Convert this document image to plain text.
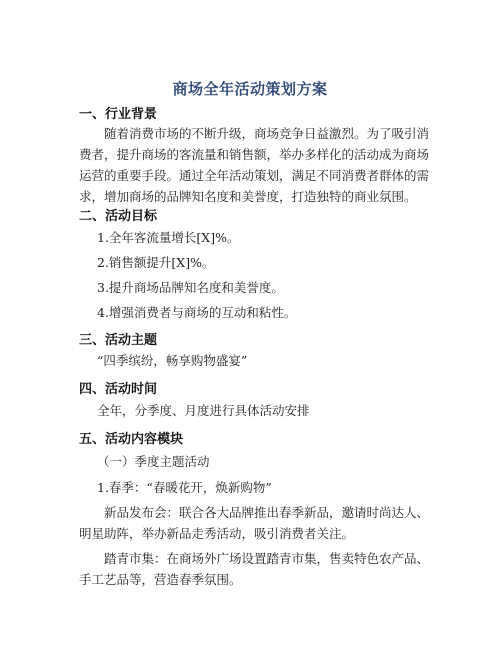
商场全年活动策划方案
一、行业背景
随着消费市场的不断升级，商场竞争日益激烈。为了吸引消费者，提升商场的客流量和销售额，举办多样化的活动成为商场运营的重要手段。通过全年活动策划，满足不同消费者群体的需求，增加商场的品牌知名度和美誉度，打造独特的商业氛围。
二、活动目标
1.全年客流量增长[X]%。
2.销售额提升[X]%。
3.提升商场品牌知名度和美誉度。
4.增强消费者与商场的互动和粘性。
三、活动主题
“四季缤纷，畅享购物盛宴”
四、活动时间
全年，分季度、月度进行具体活动安排
五、活动内容模块
（一）季度主题活动
1.春季：“春暖花开，焕新购物”
新品发布会：联合各大品牌推出春季新品，邀请时尚达人、明星助阵，举办新品走秀活动，吸引消费者关注。
踏青市集：在商场外广场设置踏青市集，售卖特色农产品、手工艺品等，营造春季氛围。
